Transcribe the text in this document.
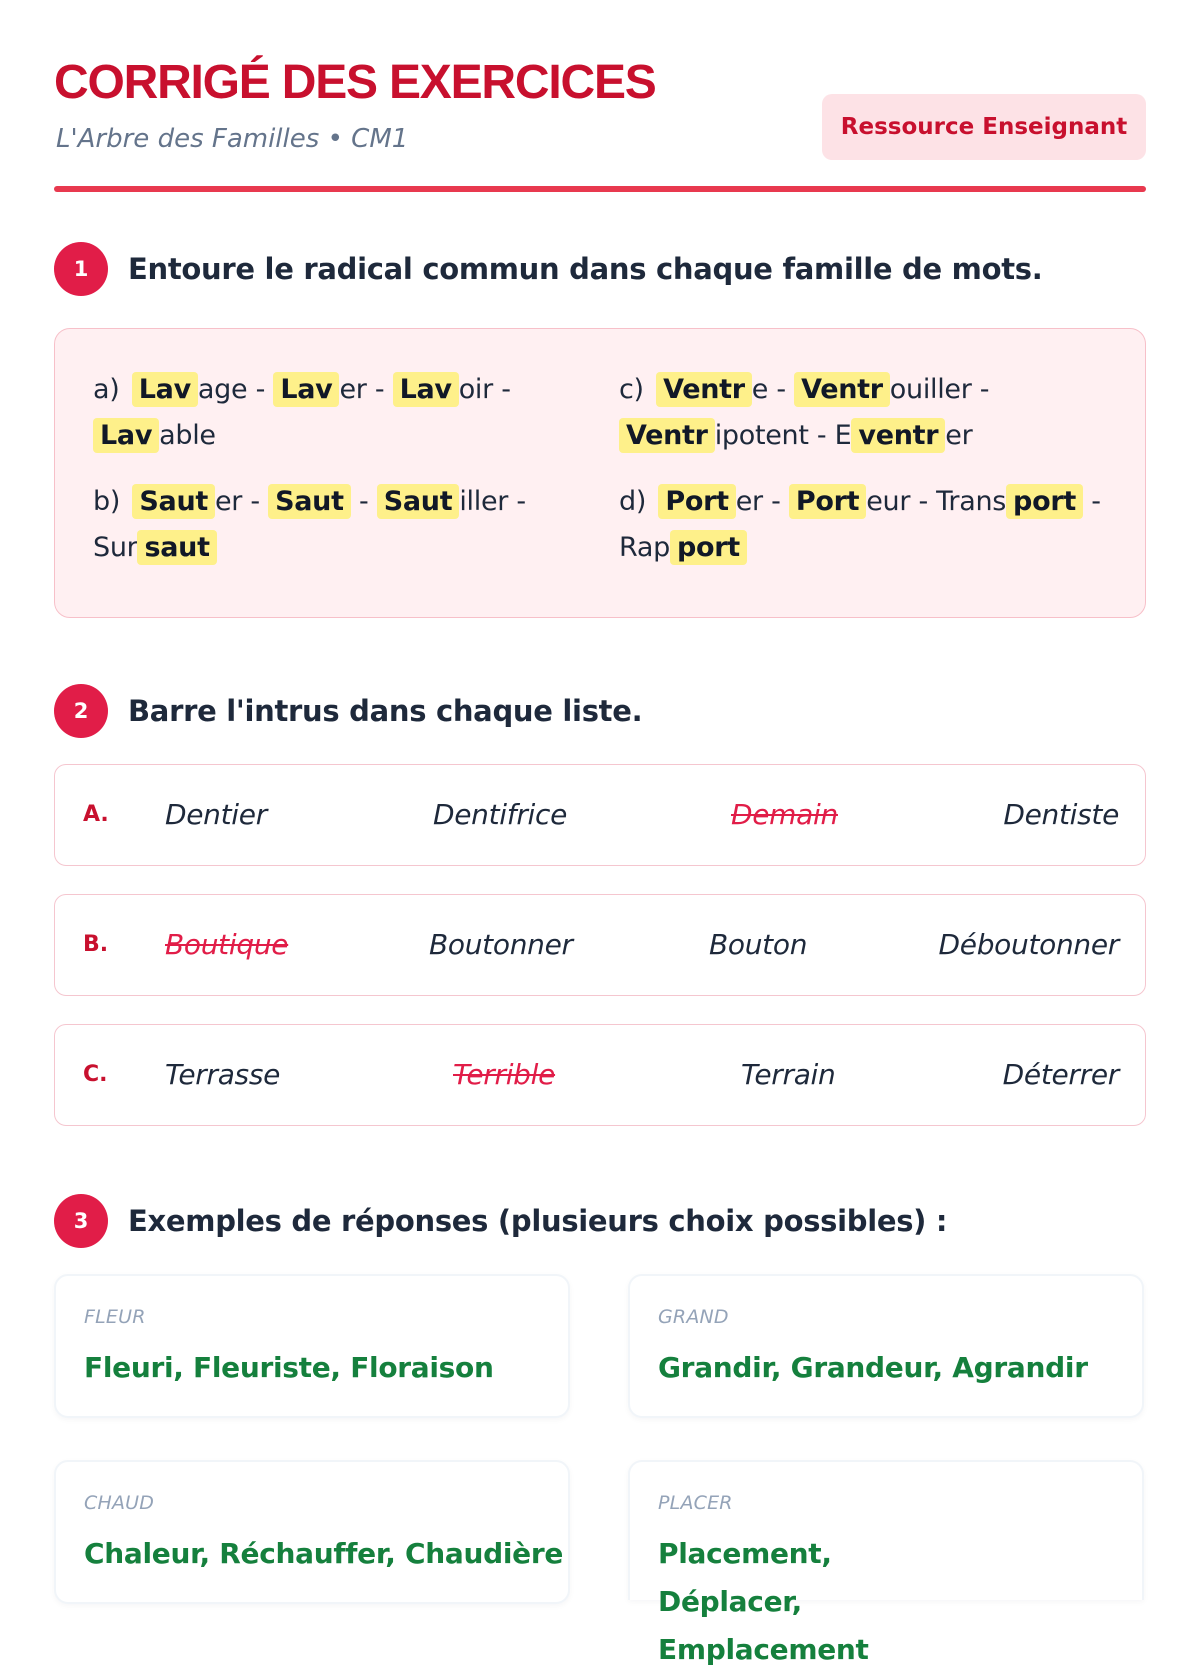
CORRIGÉ DES EXERCICES
L'Arbre des Familles • CM1	Ressource Enseignant
1	Entoure le radical commun dans chaque famille de mots.
a) Lav age - Lav er - Lav oir - Lav able
b) Saut er - Saut - Saut iller - Sur saut
c) Ventr e - Ventr ouiller - Ventr ipotent - E ventr er
d) Port er - Port eur - Trans port - Rap port
2	Barre l'intrus dans chaque liste.
A. Dentier	Dentifrice	Demain	Dentiste
B. Boutique	Boutonner	Bouton	Déboutonner
C. Terrasse	Terrible	Terrain	Déterrer
3	Exemples de réponses (plusieurs choix possibles) :
FLEUR
Fleuri, Fleuriste, Floraison
GRAND
Grandir, Grandeur, Agrandir
CHAUD
Chaleur, Réchauffer, Chaudière
PLACER
Placement, Déplacer, Emplacement
